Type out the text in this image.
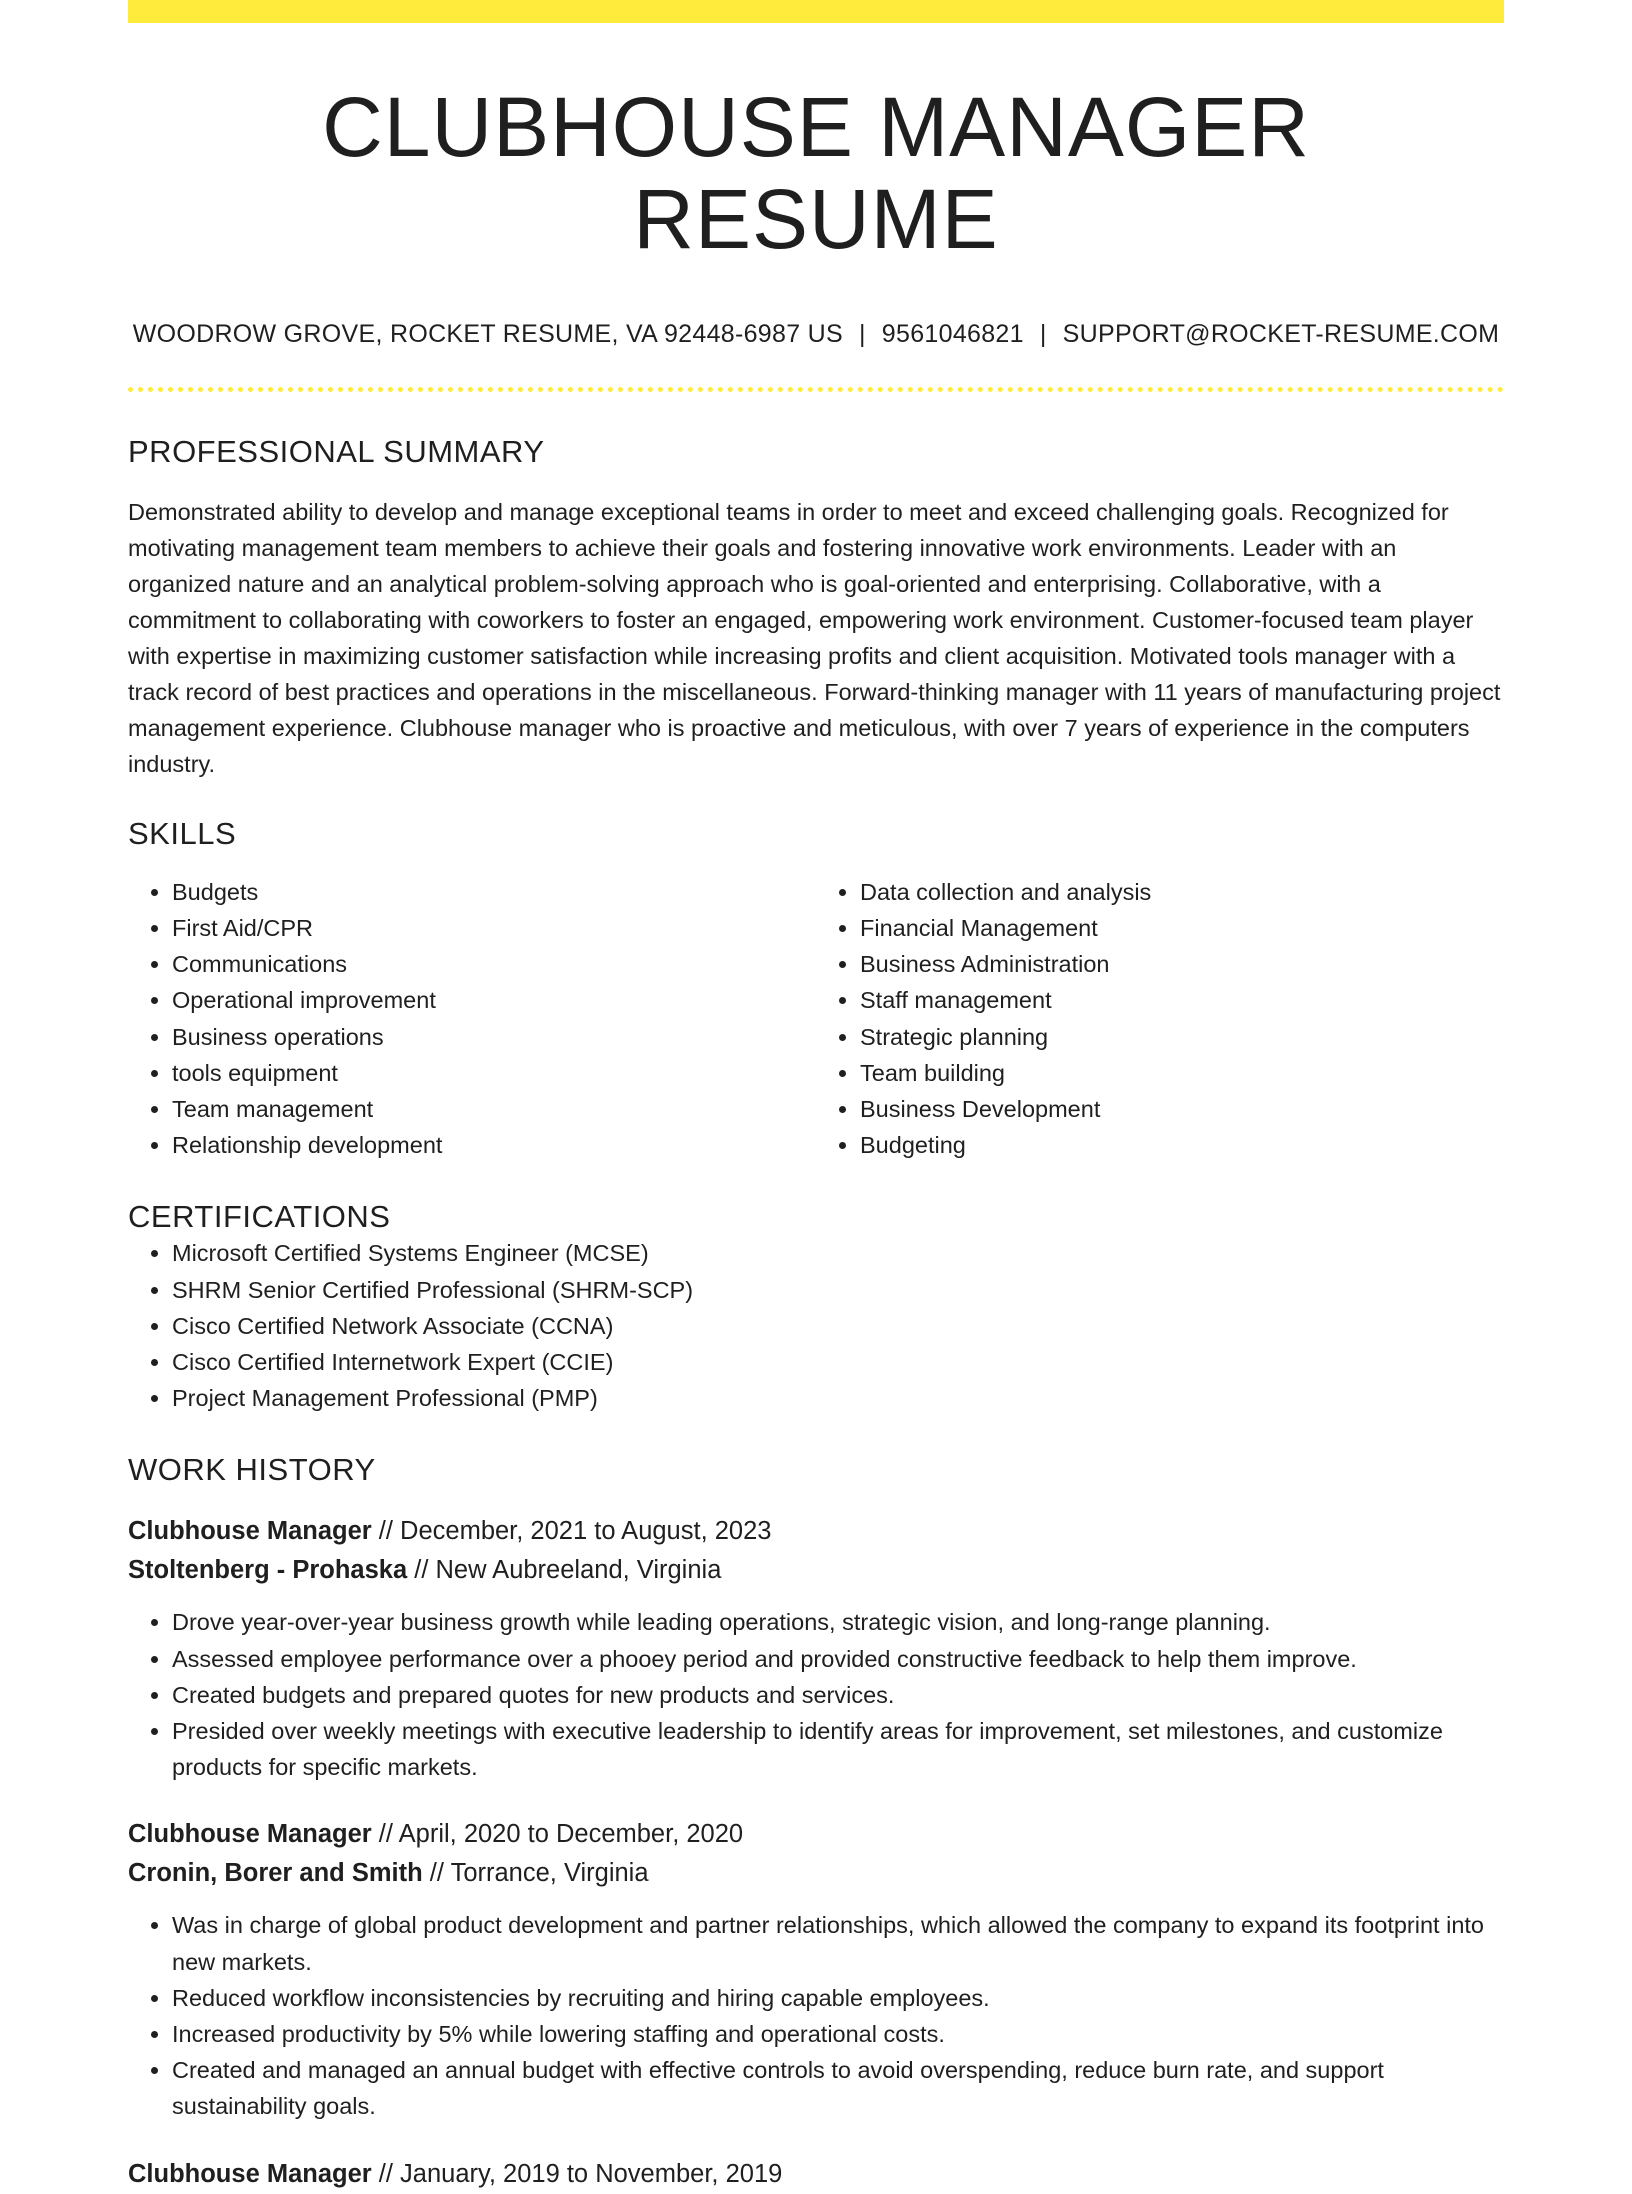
CLUBHOUSE MANAGER RESUME
WOODROW GROVE, ROCKET RESUME, VA 92448-6987 US | 9561046821 | SUPPORT@ROCKET-RESUME.COM
PROFESSIONAL SUMMARY

Demonstrated ability to develop and manage exceptional teams in order to meet and exceed challenging goals. Recognized for motivating management team members to achieve their goals and fostering innovative work environments. Leader with an organized nature and an analytical problem-solving approach who is goal-oriented and enterprising. Collaborative, with a commitment to collaborating with coworkers to foster an engaged, empowering work environment. Customer-focused team player with expertise in maximizing customer satisfaction while increasing profits and client acquisition. Motivated tools manager with a track record of best practices and operations in the miscellaneous. Forward-thinking manager with 11 years of manufacturing project management experience. Clubhouse manager who is proactive and meticulous, with over 7 years of experience in the computers industry.

SKILLS
• Budgets
• First Aid/CPR
• Communications
• Operational improvement
• Business operations
• tools equipment
• Team management
• Relationship development
• Data collection and analysis
• Financial Management
• Business Administration
• Staff management
• Strategic planning
• Team building
• Business Development
• Budgeting
CERTIFICATIONS
• Microsoft Certified Systems Engineer (MCSE)
• SHRM Senior Certified Professional (SHRM-SCP)
• Cisco Certified Network Associate (CCNA)
• Cisco Certified Internetwork Expert (CCIE)
• Project Management Professional (PMP)
WORK HISTORY
Clubhouse Manager // December, 2021 to August, 2023
Stoltenberg - Prohaska // New Aubreeland, Virginia
• Drove year-over-year business growth while leading operations, strategic vision, and long-range planning.
• Assessed employee performance over a phooey period and provided constructive feedback to help them improve.
• Created budgets and prepared quotes for new products and services.
• Presided over weekly meetings with executive leadership to identify areas for improvement, set milestones, and customize products for specific markets.
Clubhouse Manager // April, 2020 to December, 2020
Cronin, Borer and Smith // Torrance, Virginia
• Was in charge of global product development and partner relationships, which allowed the company to expand its footprint into new markets.
• Reduced workflow inconsistencies by recruiting and hiring capable employees.
• Increased productivity by 5% while lowering staffing and operational costs.
• Created and managed an annual budget with effective controls to avoid overspending, reduce burn rate, and support sustainability goals.
Clubhouse Manager // January, 2019 to November, 2019
